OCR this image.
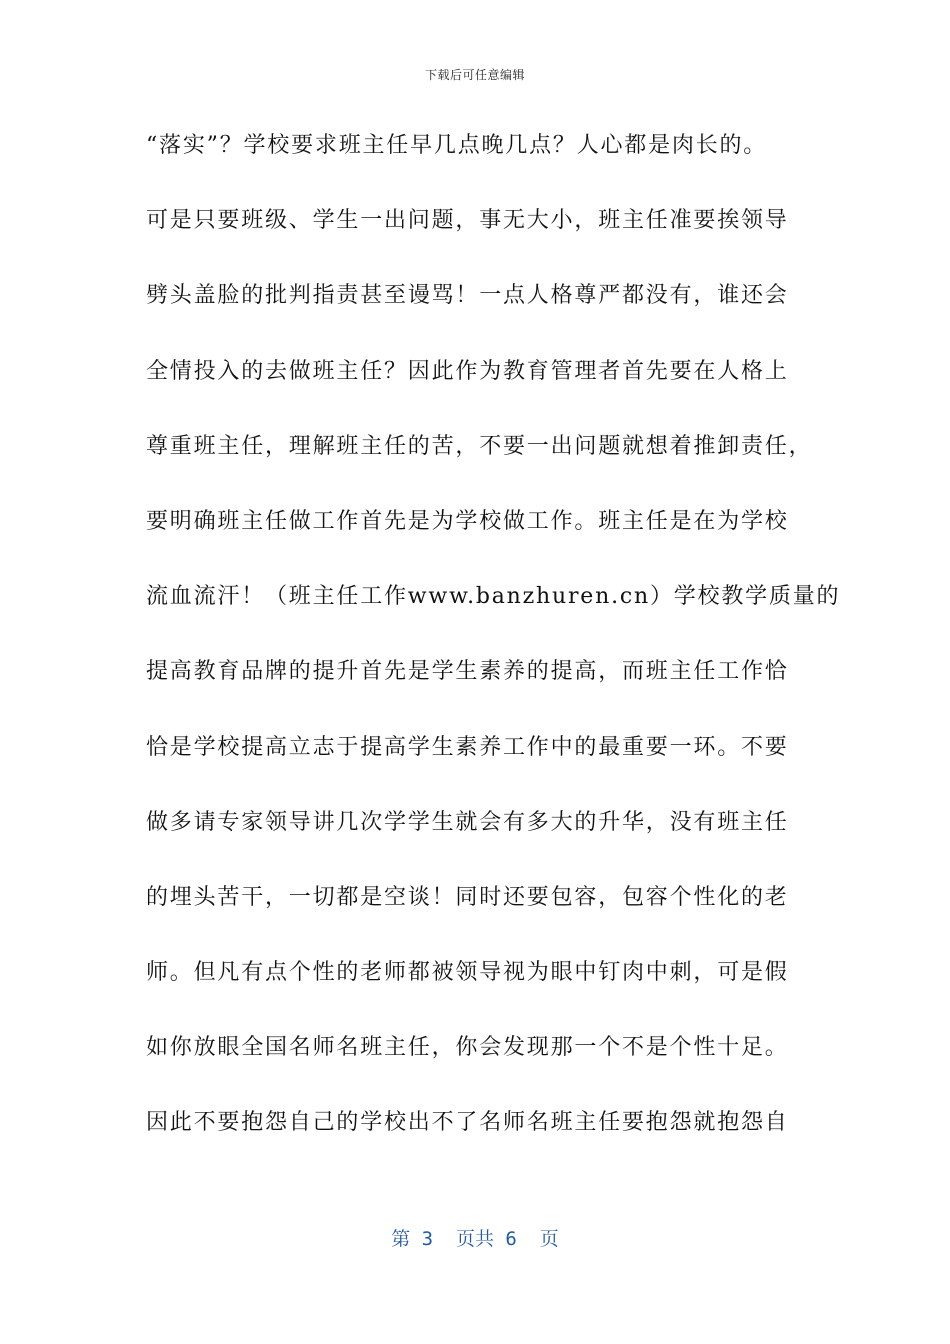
下载后可任意编辑
“落实”？学校要求班主任早几点晚几点？人心都是肉长的。
可是只要班级、学生一出问题，事无大小，班主任准要挨领导
劈头盖脸的批判指责甚至谩骂！一点人格尊严都没有，谁还会
全情投入的去做班主任？因此作为教育管理者首先要在人格上
尊重班主任，理解班主任的苦，不要一出问题就想着推卸责任，
要明确班主任做工作首先是为学校做工作。班主任是在为学校
流血流汗！（班主任工作www.banzhuren.cn）学校教学质量的
提高教育品牌的提升首先是学生素养的提高，而班主任工作恰
恰是学校提高立志于提高学生素养工作中的最重要一环。不要
做多请专家领导讲几次学学生就会有多大的升华，没有班主任
的埋头苦干，一切都是空谈！同时还要包容，包容个性化的老
师。但凡有点个性的老师都被领导视为眼中钉肉中刺，可是假
如你放眼全国名师名班主任，你会发现那一个不是个性十足。
因此不要抱怨自己的学校出不了名师名班主任要抱怨就抱怨自
第 3  页共 6  页
